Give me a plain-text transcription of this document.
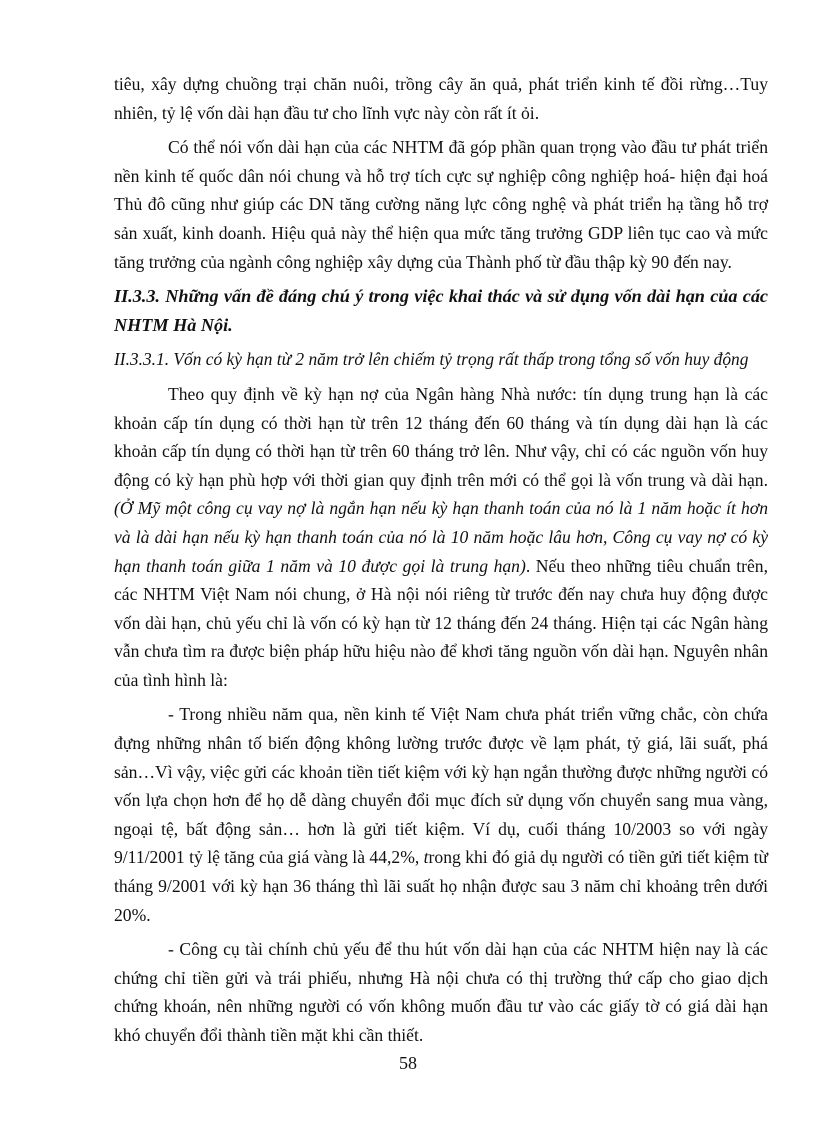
tiêu, xây dựng chuồng trại chăn nuôi, trồng cây ăn quả, phát triển kinh tế đồi rừng…Tuy nhiên, tỷ lệ vốn dài hạn đầu tư cho lĩnh vực này còn rất ít ỏi.

Có thể nói vốn dài hạn của các NHTM đã góp phần quan trọng vào đầu tư phát triển nền kinh tế quốc dân nói chung và hỗ trợ tích cực sự nghiệp công nghiệp hoá- hiện đại hoá Thủ đô cũng như giúp các DN tăng cường năng lực công nghệ và phát triển hạ tầng hỗ trợ sản xuất, kinh doanh. Hiệu quả này thể hiện qua mức tăng trưởng GDP liên tục cao và mức tăng trưởng của ngành công nghiệp xây dựng của Thành phố từ đầu thập kỳ 90 đến nay.

II.3.3. Những vấn đề đáng chú ý trong việc khai thác và sử dụng vốn dài hạn của các NHTM Hà Nội.

II.3.3.1. Vốn có kỳ hạn từ 2 năm trở lên chiếm tỷ trọng rất thấp trong tổng số vốn huy động

Theo quy định về kỳ hạn nợ của Ngân hàng Nhà nước: tín dụng trung hạn là các khoản cấp tín dụng có thời hạn từ trên 12 tháng đến 60 tháng và tín dụng dài hạn là các khoản cấp tín dụng có thời hạn từ trên 60 tháng trở lên. Như vậy, chỉ có các nguồn vốn huy động có kỳ hạn phù hợp với thời gian quy định trên mới có thể gọi là vốn trung và dài hạn. (Ở Mỹ một công cụ vay nợ là ngắn hạn nếu kỳ hạn thanh toán của nó là 1 năm hoặc ít hơn và là dài hạn nếu kỳ hạn thanh toán của nó là 10 năm hoặc lâu hơn, Công cụ vay nợ có kỳ hạn thanh toán giữa 1 năm và 10 được gọi là trung hạn). Nếu theo những tiêu chuẩn trên, các NHTM Việt Nam nói chung, ở Hà nội nói riêng từ trước đến nay chưa huy động được vốn dài hạn, chủ yếu chỉ là vốn có kỳ hạn từ 12 tháng đến 24 tháng. Hiện tại các Ngân hàng vẫn chưa tìm ra được biện pháp hữu hiệu nào để khơi tăng nguồn vốn dài hạn. Nguyên nhân của tình hình là:

- Trong nhiều năm qua, nền kinh tế Việt Nam chưa phát triển vững chắc, còn chứa đựng những nhân tố biến động không lường trước được về lạm phát, tỷ giá, lãi suất, phá sản…Vì vậy, việc gửi các khoản tiền tiết kiệm với kỳ hạn ngắn thường được những người có vốn lựa chọn hơn để họ dễ dàng chuyển đổi mục đích sử dụng vốn chuyển sang mua vàng, ngoại tệ, bất động sản… hơn là gửi tiết kiệm. Ví dụ, cuối tháng 10/2003 so với ngày 9/11/2001 tỷ lệ tăng của giá vàng là 44,2%, trong khi đó giả dụ người có tiền gửi tiết kiệm từ tháng 9/2001 với kỳ hạn 36 tháng thì lãi suất họ nhận được sau 3 năm chỉ khoảng trên dưới 20%.

- Công cụ tài chính chủ yếu để thu hút vốn dài hạn của các NHTM hiện nay là các chứng chỉ tiền gửi và trái phiếu, nhưng Hà nội chưa có thị trường thứ cấp cho giao dịch chứng khoán, nên những người có vốn không muốn đầu tư vào các giấy tờ có giá dài hạn khó chuyển đổi thành tiền mặt khi cần thiết.

58
